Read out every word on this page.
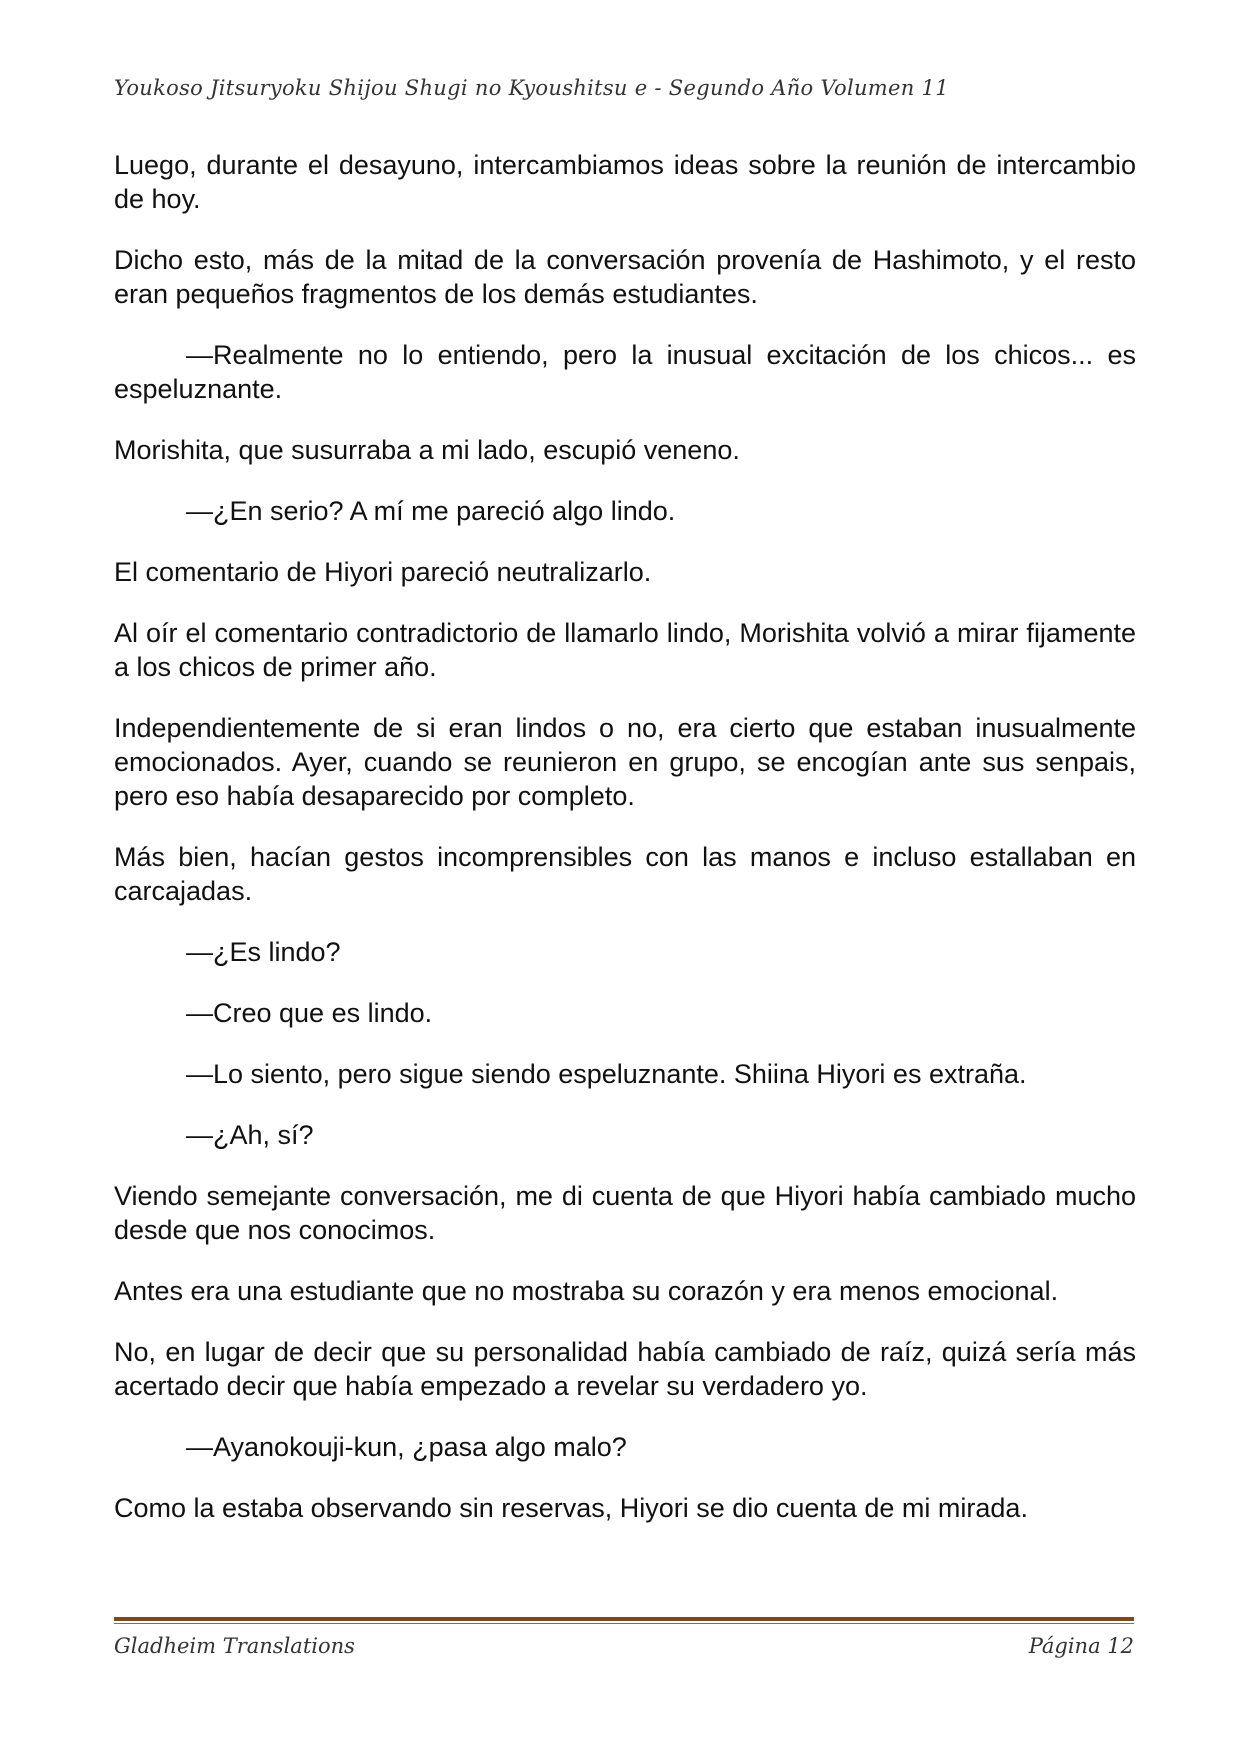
Youkoso Jitsuryoku Shijou Shugi no Kyoushitsu e - Segundo Año Volumen 11

Luego, durante el desayuno, intercambiamos ideas sobre la reunión de intercambio de hoy.

Dicho esto, más de la mitad de la conversación provenía de Hashimoto, y el resto eran pequeños fragmentos de los demás estudiantes.

—Realmente no lo entiendo, pero la inusual excitación de los chicos... es espeluznante.

Morishita, que susurraba a mi lado, escupió veneno.

—¿En serio? A mí me pareció algo lindo.

El comentario de Hiyori pareció neutralizarlo.

Al oír el comentario contradictorio de llamarlo lindo, Morishita volvió a mirar fijamente a los chicos de primer año.

Independientemente de si eran lindos o no, era cierto que estaban inusualmente emocionados. Ayer, cuando se reunieron en grupo, se encogían ante sus senpais, pero eso había desaparecido por completo.

Más bien, hacían gestos incomprensibles con las manos e incluso estallaban en carcajadas.

—¿Es lindo?

—Creo que es lindo.

—Lo siento, pero sigue siendo espeluznante. Shiina Hiyori es extraña.

—¿Ah, sí?

Viendo semejante conversación, me di cuenta de que Hiyori había cambiado mucho desde que nos conocimos.

Antes era una estudiante que no mostraba su corazón y era menos emocional.

No, en lugar de decir que su personalidad había cambiado de raíz, quizá sería más acertado decir que había empezado a revelar su verdadero yo.

—Ayanokouji-kun, ¿pasa algo malo?

Como la estaba observando sin reservas, Hiyori se dio cuenta de mi mirada.

Gladheim Translations	Página 12
